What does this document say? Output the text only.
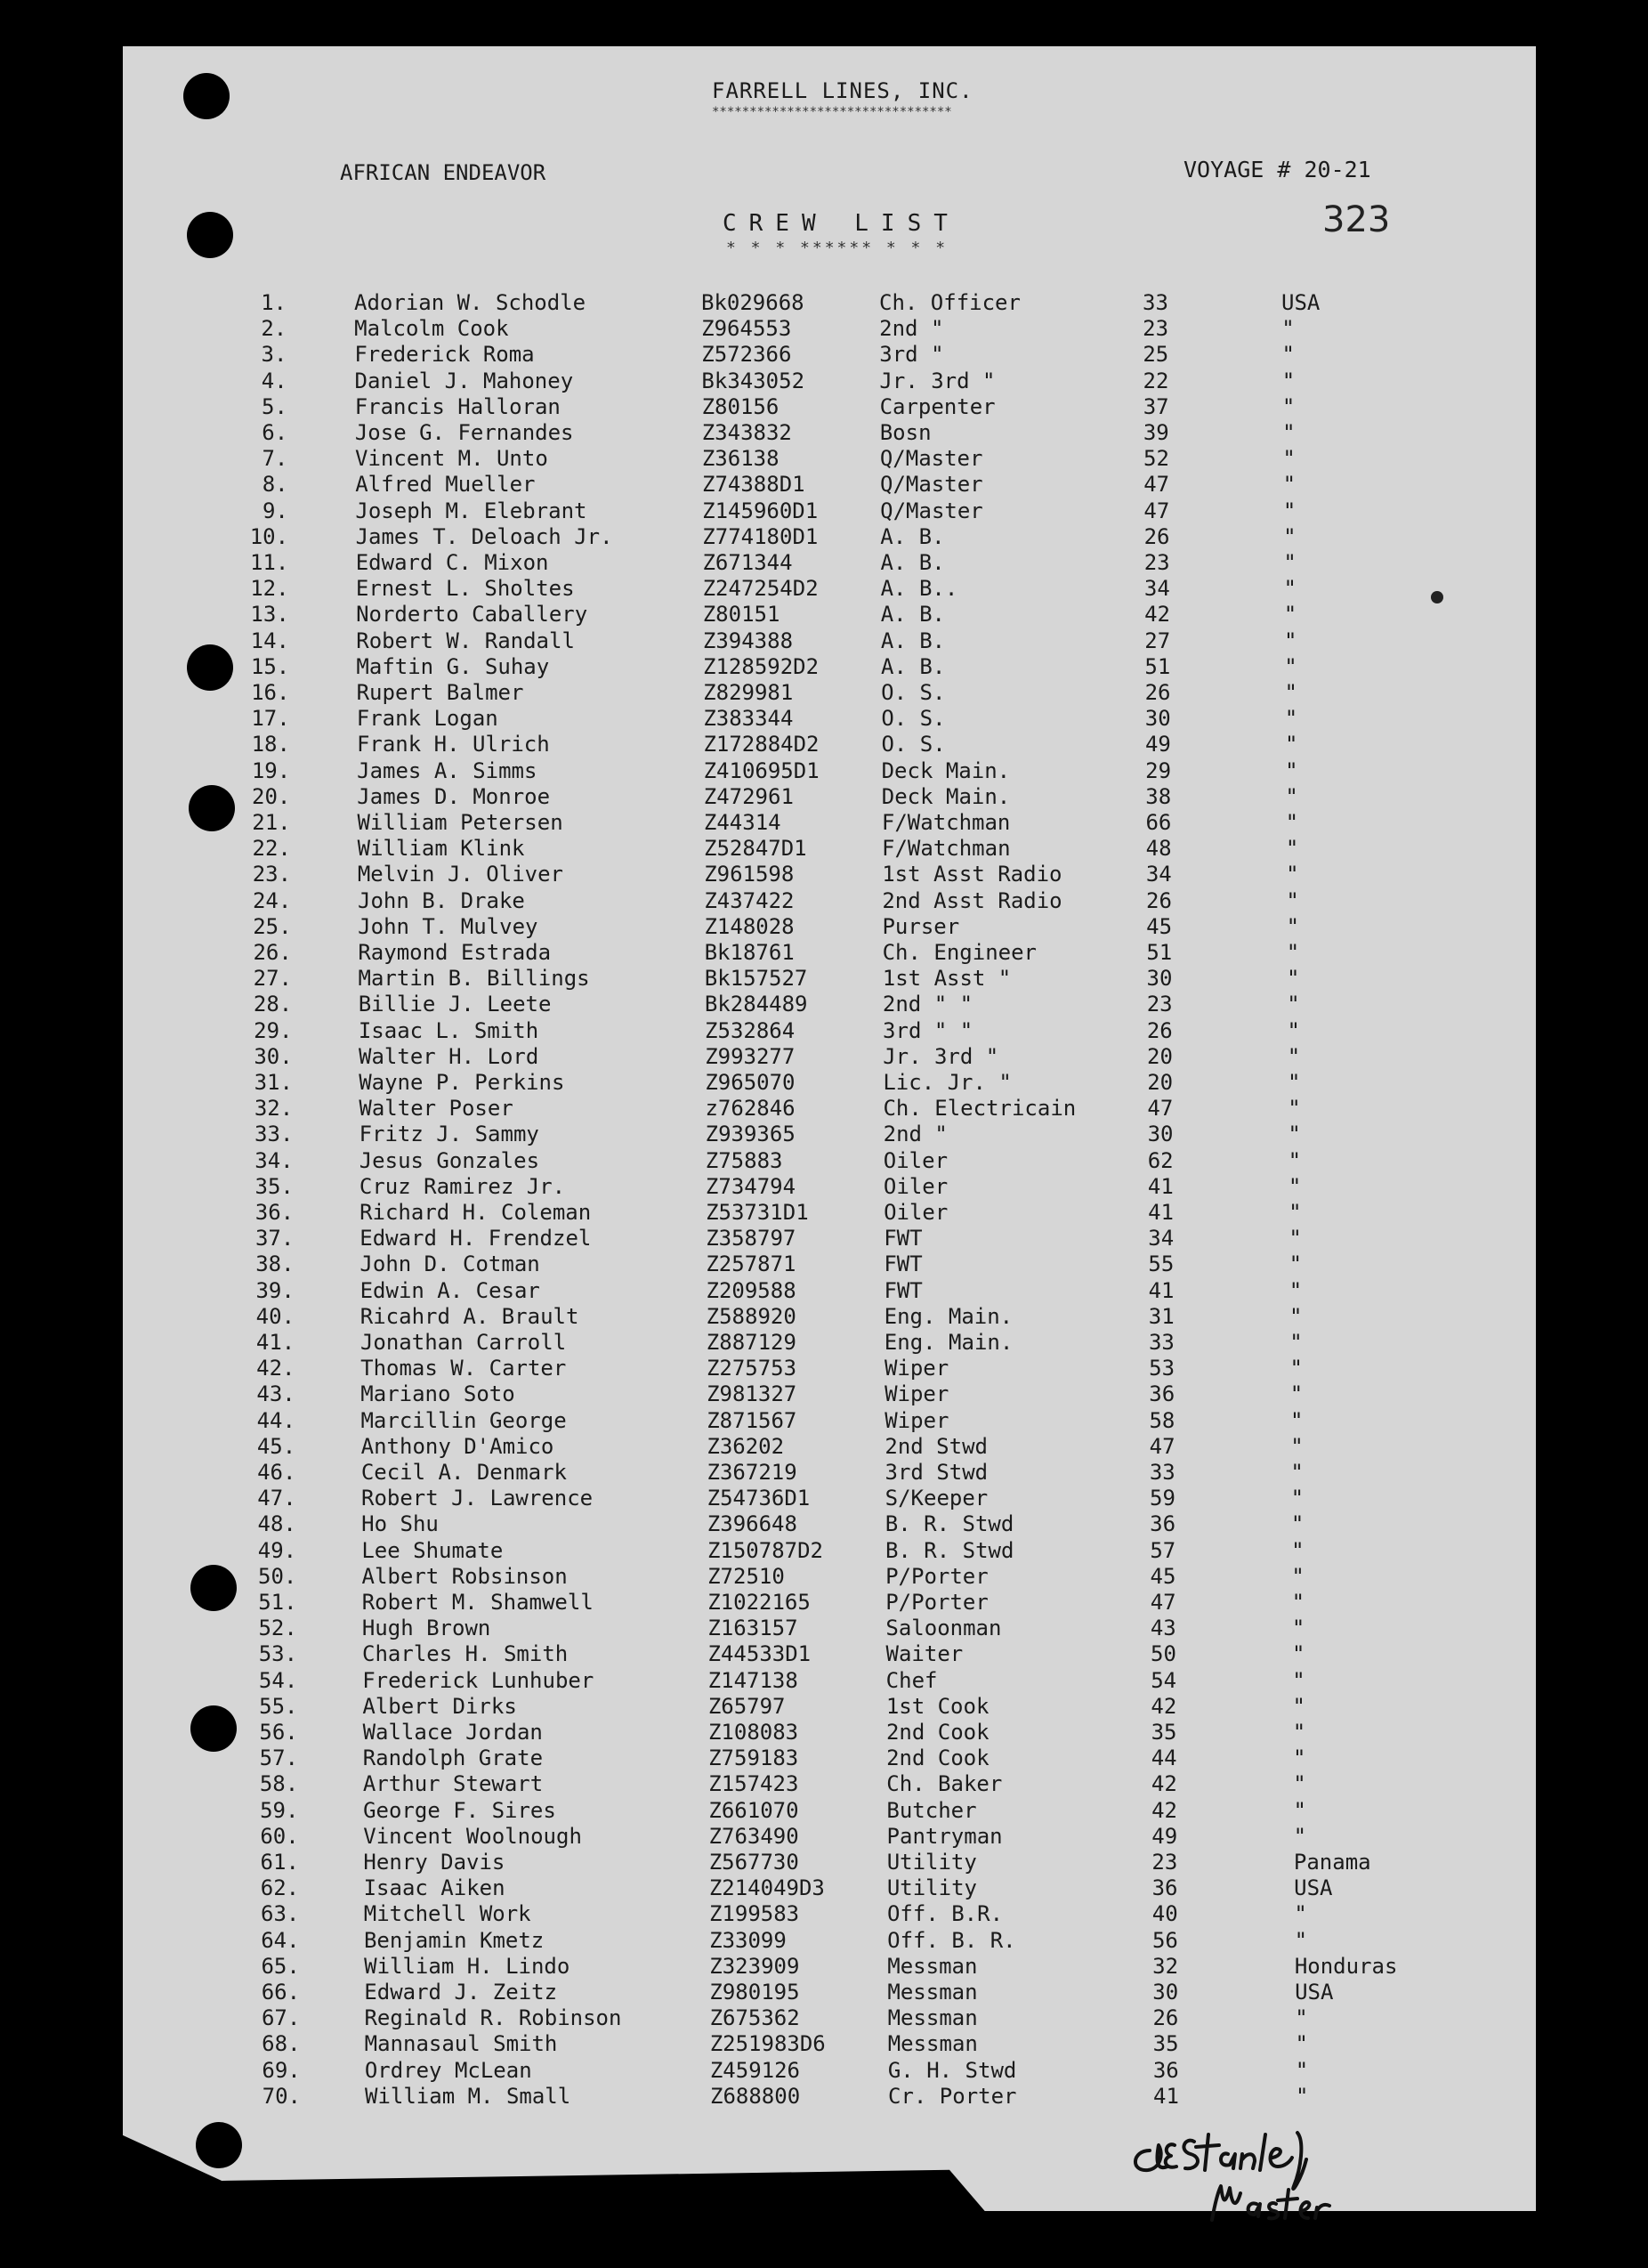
FARRELL LINES, INC.
********************************
AFRICAN ENDEAVOR	VOYAGE # 20-21
323
CREW LIST
* * * ****** * * *
1.	Adorian W. Schodle	Bk029668	Ch. Officer	33	USA
2.	Malcolm Cook	Z964553	2nd "	23	"
3.	Frederick Roma	Z572366	3rd "	25	"
4.	Daniel J. Mahoney	Bk343052	Jr. 3rd "	22	"
5.	Francis Halloran	Z80156	Carpenter	37	"
6.	Jose G. Fernandes	Z343832	Bosn	39	"
7.	Vincent M. Unto	Z36138	Q/Master	52	"
8.	Alfred Mueller	Z74388D1	Q/Master	47	"
9.	Joseph M. Elebrant	Z145960D1	Q/Master	47	"
10.	James T. Deloach Jr.	Z774180D1	A. B.	26	"
11.	Edward C. Mixon	Z671344	A. B.	23	"
12.	Ernest L. Sholtes	Z247254D2	A. B..	34	"
13.	Norderto Caballery	Z80151	A. B.	42	"
14.	Robert W. Randall	Z394388	A. B.	27	"
15.	Maftin G. Suhay	Z128592D2	A. B.	51	"
16.	Rupert Balmer	Z829981	O. S.	26	"
17.	Frank Logan	Z383344	O. S.	30	"
18.	Frank H. Ulrich	Z172884D2	O. S.	49	"
19.	James A. Simms	Z410695D1	Deck Main.	29	"
20.	James D. Monroe	Z472961	Deck Main.	38	"
21.	William Petersen	Z44314	F/Watchman	66	"
22.	William Klink	Z52847D1	F/Watchman	48	"
23.	Melvin J. Oliver	Z961598	1st Asst Radio	34	"
24.	John B. Drake	Z437422	2nd Asst Radio	26	"
25.	John T. Mulvey	Z148028	Purser	45	"
26.	Raymond Estrada	Bk18761	Ch. Engineer	51	"
27.	Martin B. Billings	Bk157527	1st Asst "	30	"
28.	Billie J. Leete	Bk284489	2nd " "	23	"
29.	Isaac L. Smith	Z532864	3rd " "	26	"
30.	Walter H. Lord	Z993277	Jr. 3rd "	20	"
31.	Wayne P. Perkins	Z965070	Lic. Jr. "	20	"
32.	Walter Poser	z762846	Ch. Electricain	47	"
33.	Fritz J. Sammy	Z939365	2nd "	30	"
34.	Jesus Gonzales	Z75883	Oiler	62	"
35.	Cruz Ramirez Jr.	Z734794	Oiler	41	"
36.	Richard H. Coleman	Z53731D1	Oiler	41	"
37.	Edward H. Frendzel	Z358797	FWT	34	"
38.	John D. Cotman	Z257871	FWT	55	"
39.	Edwin A. Cesar	Z209588	FWT	41	"
40.	Ricahrd A. Brault	Z588920	Eng. Main.	31	"
41.	Jonathan Carroll	Z887129	Eng. Main.	33	"
42.	Thomas W. Carter	Z275753	Wiper	53	"
43.	Mariano Soto	Z981327	Wiper	36	"
44.	Marcillin George	Z871567	Wiper	58	"
45.	Anthony D'Amico	Z36202	2nd Stwd	47	"
46.	Cecil A. Denmark	Z367219	3rd Stwd	33	"
47.	Robert J. Lawrence	Z54736D1	S/Keeper	59	"
48.	Ho Shu	Z396648	B. R. Stwd	36	"
49.	Lee Shumate	Z150787D2	B. R. Stwd	57	"
50.	Albert Robsinson	Z72510	P/Porter	45	"
51.	Robert M. Shamwell	Z1022165	P/Porter	47	"
52.	Hugh Brown	Z163157	Saloonman	43	"
53.	Charles H. Smith	Z44533D1	Waiter	50	"
54.	Frederick Lunhuber	Z147138	Chef	54	"
55.	Albert Dirks	Z65797	1st Cook	42	"
56.	Wallace Jordan	Z108083	2nd Cook	35	"
57.	Randolph Grate	Z759183	2nd Cook	44	"
58.	Arthur Stewart	Z157423	Ch. Baker	42	"
59.	George F. Sires	Z661070	Butcher	42	"
60.	Vincent Woolnough	Z763490	Pantryman	49	"
61.	Henry Davis	Z567730	Utility	23	Panama
62.	Isaac Aiken	Z214049D3	Utility	36	USA
63.	Mitchell Work	Z199583	Off. B.R.	40	"
64.	Benjamin Kmetz	Z33099	Off. B. R.	56	"
65.	William H. Lindo	Z323909	Messman	32	Honduras
66.	Edward J. Zeitz	Z980195	Messman	30	USA
67.	Reginald R. Robinson	Z675362	Messman	26	"
68.	Mannasaul Smith	Z251983D6	Messman	35	"
69.	Ordrey McLean	Z459126	G. H. Stwd	36	"
70.	William M. Small	Z688800	Cr. Porter	41	"
